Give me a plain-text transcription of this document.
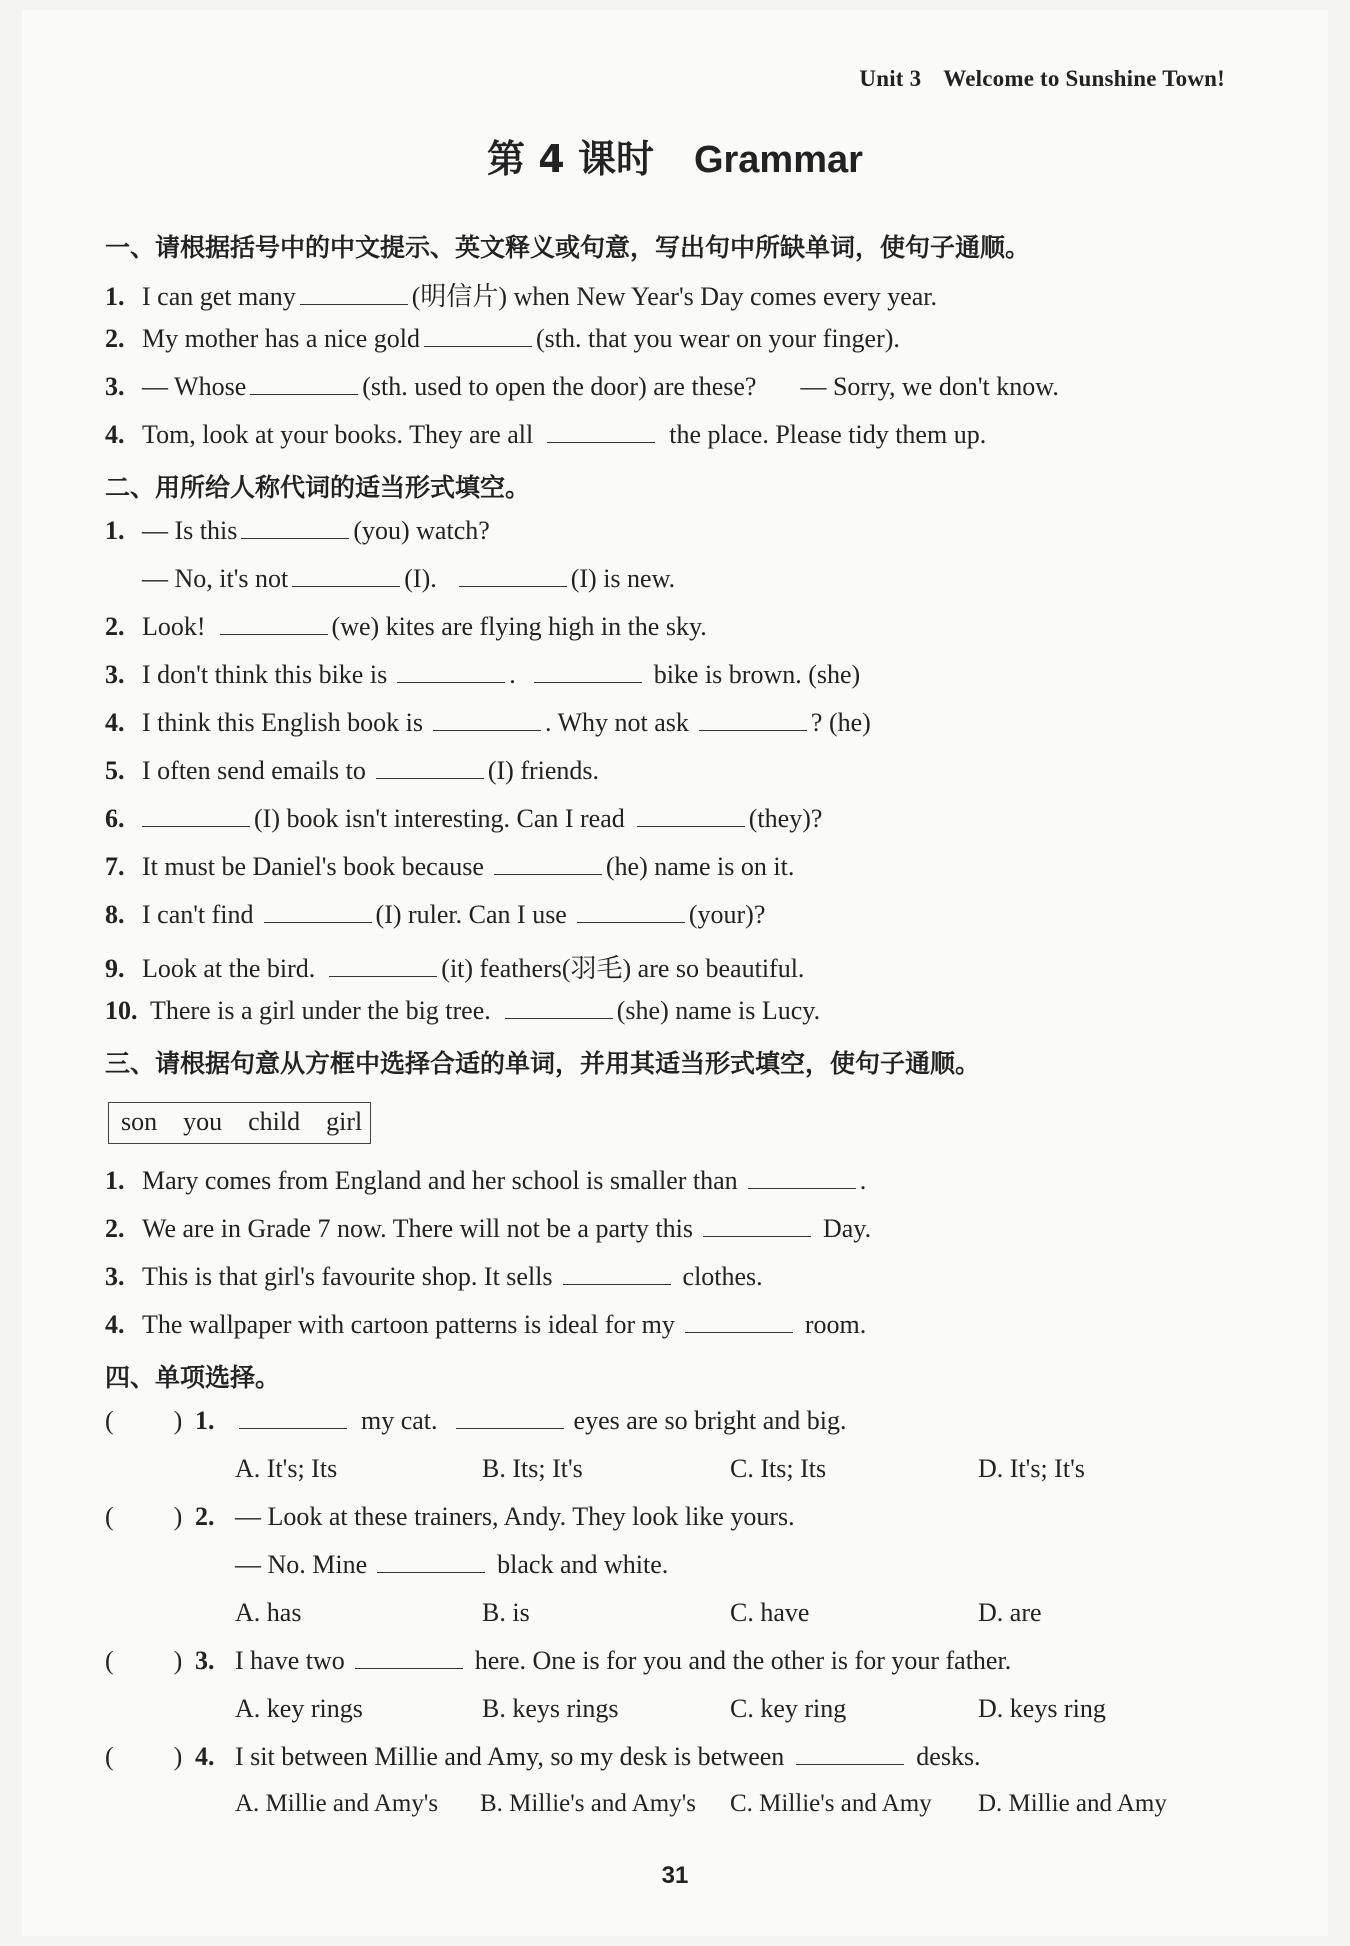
Unit 3 Welcome to Sunshine Town!
第 4 课时 Grammar
一、请根据括号中的中文提示、英文释义或句意，写出句中所缺单词，使句子通顺。
1. I can get many	(明信片) when New Year's Day comes every year.
2. My mother has a nice gold	(sth. that you wear on your finger).
3. — Whose	(sth. used to open the door) are these? — Sorry, we don't know.
4. Tom, look at your books. They are all	the place. Please tidy them up.
二、用所给人称代词的适当形式填空。
1. — Is this	(you) watch?
— No, it's not	(I).	(I) is new.
2. Look!	(we) kites are flying high in the sky.
3. I don't think this bike is	.	bike is brown. (she)
4. I think this English book is	. Why not ask	? (he)
5. I often send emails to	(I) friends.
6.	(I) book isn't interesting. Can I read	(they)?
7. It must be Daniel's book because	(he) name is on it.
8. I can't find	(I) ruler. Can I use	(your)?
9. Look at the bird.	(it) feathers(羽毛) are so beautiful.
10. There is a girl under the big tree.	(she) name is Lucy.
三、请根据句意从方框中选择合适的单词，并用其适当形式填空，使句子通顺。
son you child girl
1. Mary comes from England and her school is smaller than	.
2. We are in Grade 7 now. There will not be a party this	Day.
3. This is that girl's favourite shop. It sells	clothes.
4. The wallpaper with cartoon patterns is ideal for my	room.
四、单项选择。
( ) 1.	my cat.	eyes are so bright and big.
A. It's; Its	B. Its; It's	C. Its; Its	D. It's; It's
( ) 2. — Look at these trainers, Andy. They look like yours.
— No. Mine	black and white.
A. has	B. is	C. have	D. are
( ) 3. I have two	here. One is for you and the other is for your father.
A. key rings	B. keys rings	C. key ring	D. keys ring
( ) 4. I sit between Millie and Amy, so my desk is between	desks.
A. Millie and Amy's B. Millie's and Amy's C. Millie's and Amy D. Millie and Amy
31
